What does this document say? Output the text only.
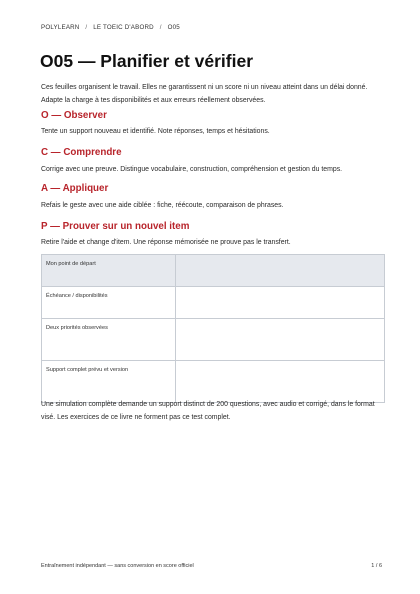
POLYLEARN / LE TOEIC D'ABORD / O05
O05 — Planifier et vérifier

Ces feuilles organisent le travail. Elles ne garantissent ni un score ni un niveau atteint dans un délai donné. Adapte la charge à tes disponibilités et aux erreurs réellement observées.

O — Observer

Tente un support nouveau et identifié. Note réponses, temps et hésitations.

C — Comprendre

Corrige avec une preuve. Distingue vocabulaire, construction, compréhension et gestion du temps.

A — Appliquer

Refais le geste avec une aide ciblée : fiche, réécoute, comparaison de phrases.

P — Prouver sur un nouvel item

Retire l'aide et change d'item. Une réponse mémorisée ne prouve pas le transfert.

Mon point de départ	
Échéance / disponibilités	
Deux priorités observées	
Support complet prévu et version	

Une simulation complète demande un support distinct de 200 questions, avec audio et corrigé, dans le format visé. Les exercices de ce livre ne forment pas ce test complet.

Entraînement indépendant — sans conversion en score officiel	1 / 6
